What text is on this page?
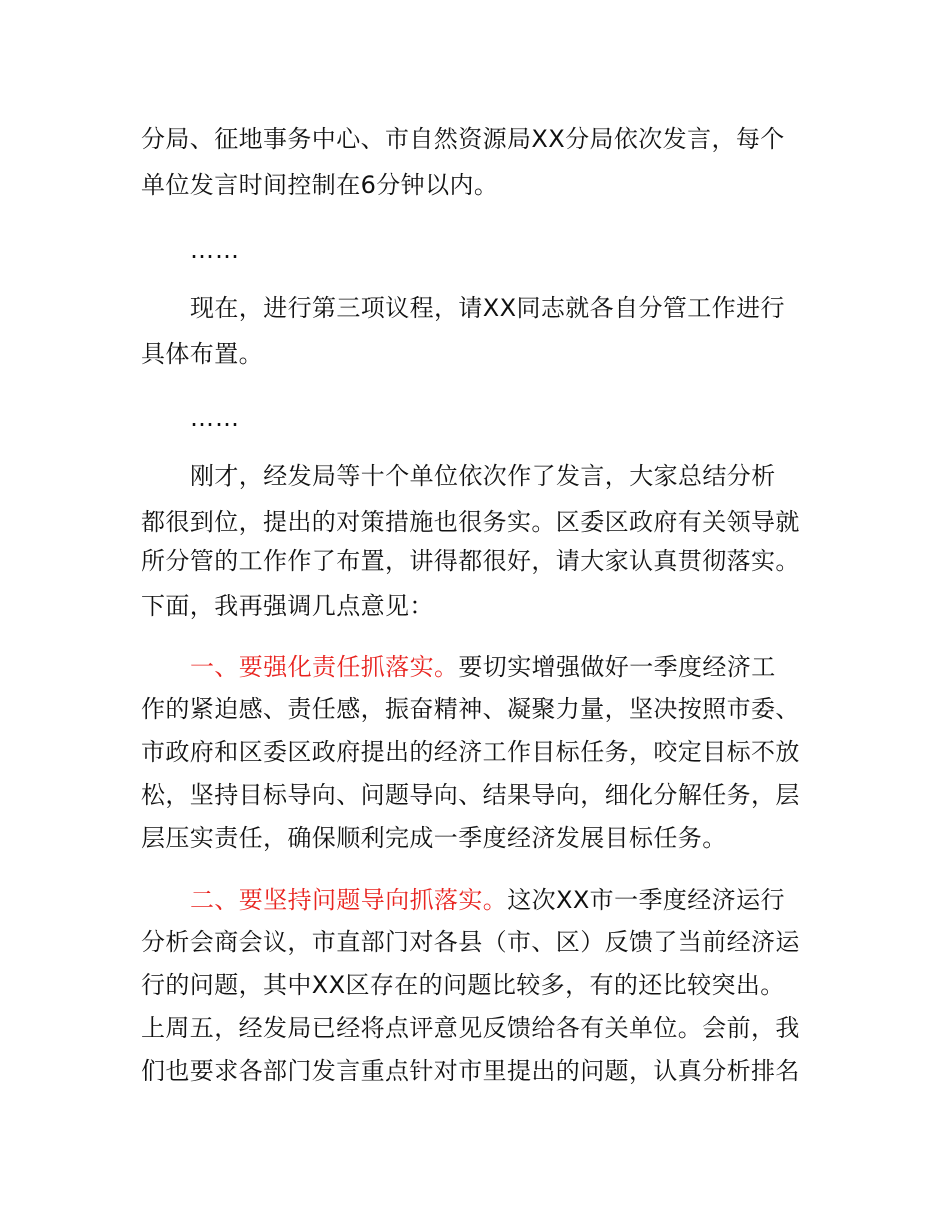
分局、征地事务中心、市自然资源局XX分局依次发言，每个
单位发言时间控制在6分钟以内。
……
现在，进行第三项议程，请XX同志就各自分管工作进行
具体布置。
……
刚才，经发局等十个单位依次作了发言，大家总结分析
都很到位，提出的对策措施也很务实。区委区政府有关领导就
所分管的工作作了布置，讲得都很好，请大家认真贯彻落实。
下面，我再强调几点意见：
一、要强化责任抓落实。要切实增强做好一季度经济工
作的紧迫感、责任感，振奋精神、凝聚力量，坚决按照市委、
市政府和区委区政府提出的经济工作目标任务，咬定目标不放
松，坚持目标导向、问题导向、结果导向，细化分解任务，层
层压实责任，确保顺利完成一季度经济发展目标任务。
二、要坚持问题导向抓落实。这次XX市一季度经济运行
分析会商会议，市直部门对各县（市、区）反馈了当前经济运
行的问题，其中XX区存在的问题比较多，有的还比较突出。
上周五，经发局已经将点评意见反馈给各有关单位。会前，我
们也要求各部门发言重点针对市里提出的问题，认真分析排名
